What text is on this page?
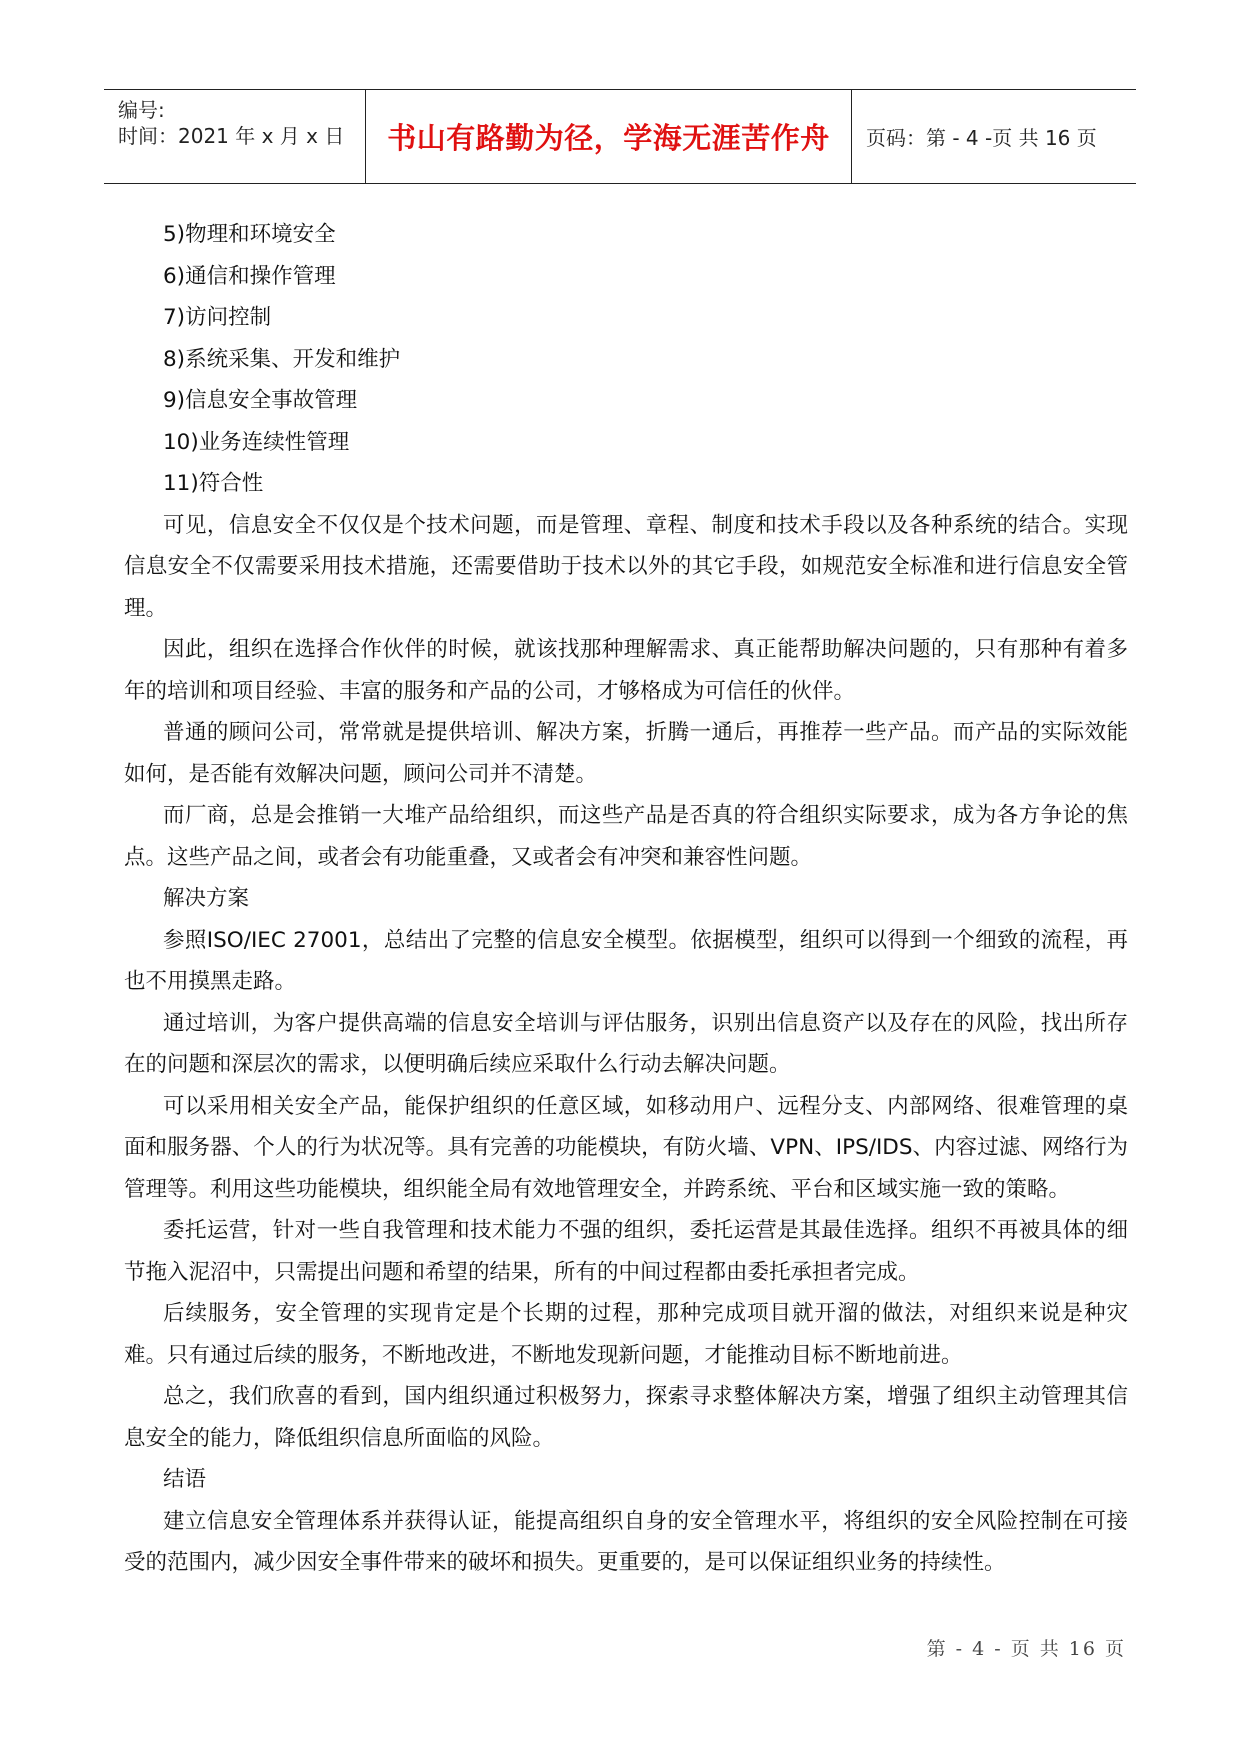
编号:
时间：2021 年 x 月 x 日 书山有路勤为径，学海无涯苦作舟 页码：第 - 4 -页 共 16 页

5)物理和环境安全

6)通信和操作管理

7)访问控制

8)系统采集、开发和维护

9)信息安全事故管理

10)业务连续性管理

11)符合性

可见，信息安全不仅仅是个技术问题，而是管理、章程、制度和技术手段以及各种系统的结合。实现信息安全不仅需要采用技术措施，还需要借助于技术以外的其它手段，如规范安全标准和进行信息安全管理。

因此，组织在选择合作伙伴的时候，就该找那种理解需求、真正能帮助解决问题的，只有那种有着多年的培训和项目经验、丰富的服务和产品的公司，才够格成为可信任的伙伴。

普通的顾问公司，常常就是提供培训、解决方案，折腾一通后，再推荐一些产品。而产品的实际效能如何，是否能有效解决问题，顾问公司并不清楚。

而厂商，总是会推销一大堆产品给组织，而这些产品是否真的符合组织实际要求，成为各方争论的焦点。这些产品之间，或者会有功能重叠，又或者会有冲突和兼容性问题。

解决方案

参照ISO/IEC 27001，总结出了完整的信息安全模型。依据模型，组织可以得到一个细致的流程，再也不用摸黑走路。

通过培训，为客户提供高端的信息安全培训与评估服务，识别出信息资产以及存在的风险，找出所存在的问题和深层次的需求，以便明确后续应采取什么行动去解决问题。

可以采用相关安全产品，能保护组织的任意区域，如移动用户、远程分支、内部网络、很难管理的桌面和服务器、个人的行为状况等。具有完善的功能模块，有防火墙、VPN、IPS/IDS、内容过滤、网络行为管理等。利用这些功能模块，组织能全局有效地管理安全，并跨系统、平台和区域实施一致的策略。

委托运营，针对一些自我管理和技术能力不强的组织，委托运营是其最佳选择。组织不再被具体的细节拖入泥沼中，只需提出问题和希望的结果，所有的中间过程都由委托承担者完成。

后续服务，安全管理的实现肯定是个长期的过程，那种完成项目就开溜的做法，对组织来说是种灾难。只有通过后续的服务，不断地改进，不断地发现新问题，才能推动目标不断地前进。

总之，我们欣喜的看到，国内组织通过积极努力，探索寻求整体解决方案，增强了组织主动管理其信息安全的能力，降低组织信息所面临的风险。

结语

建立信息安全管理体系并获得认证，能提高组织自身的安全管理水平，将组织的安全风险控制在可接受的范围内，减少因安全事件带来的破坏和损失。更重要的，是可以保证组织业务的持续性。

第 - 4 - 页 共 16 页
